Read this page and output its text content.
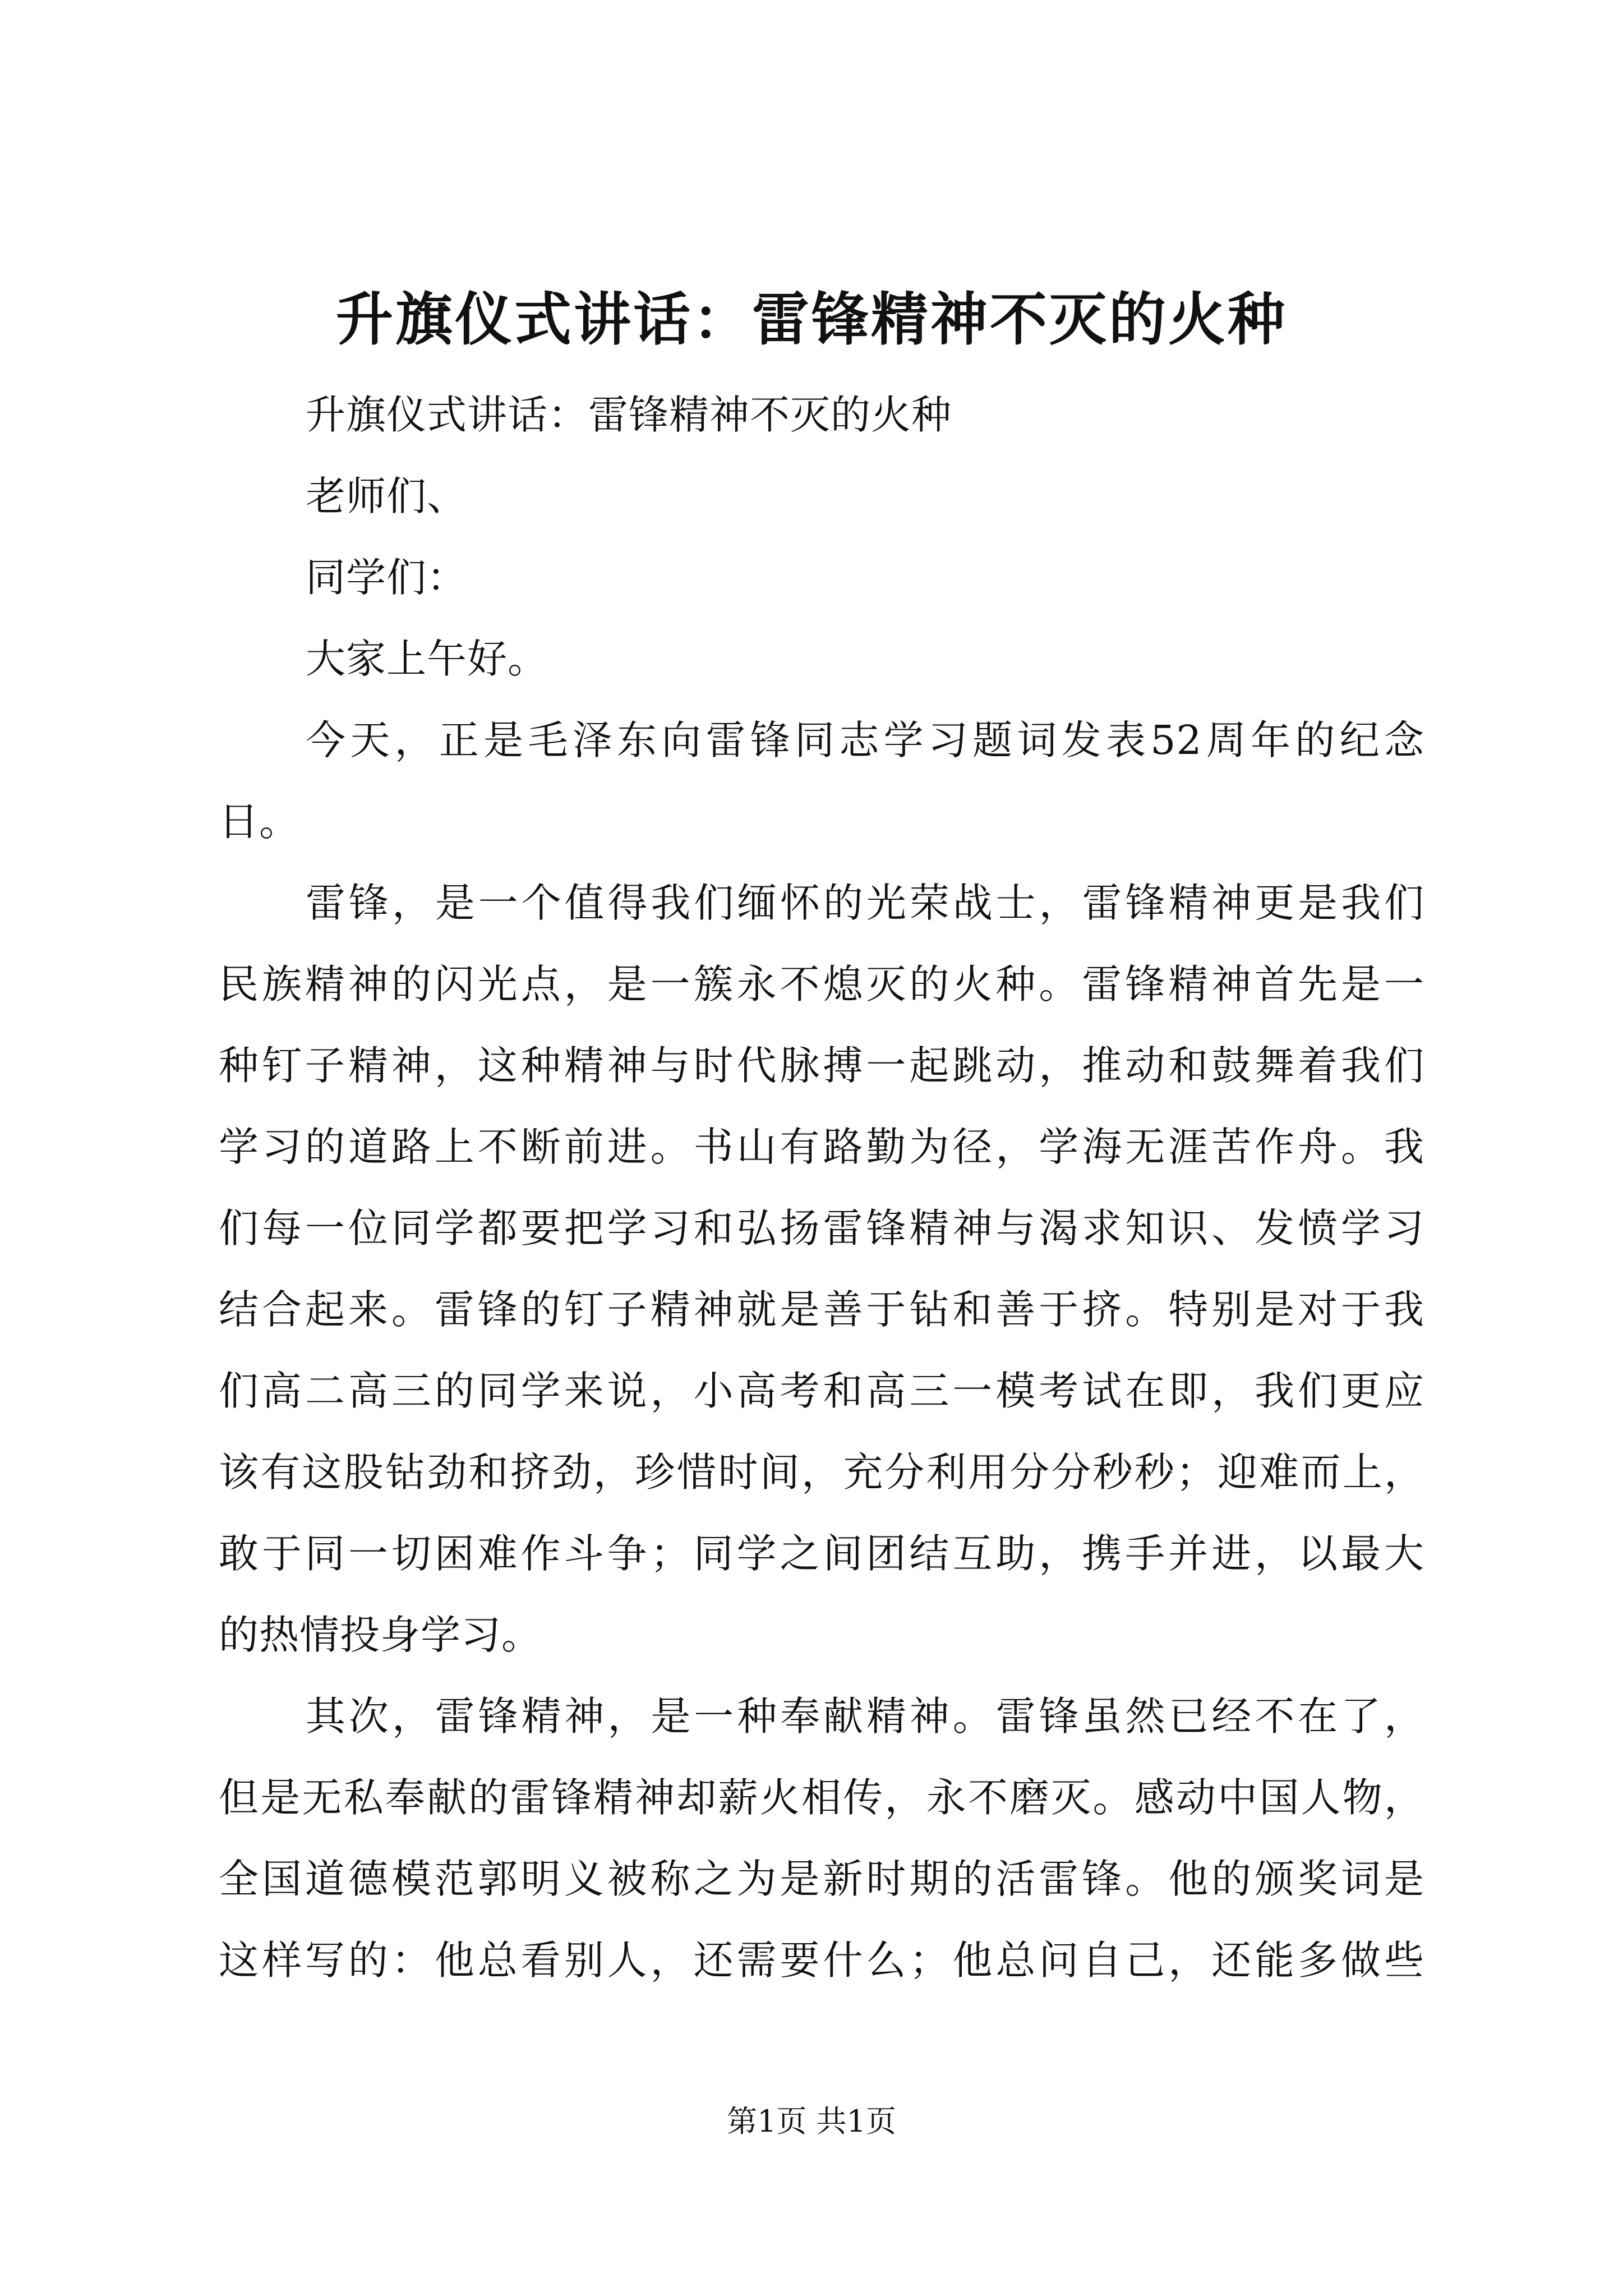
升旗仪式讲话：雷锋精神不灭的火种
升旗仪式讲话：雷锋精神不灭的火种
老师们、
同学们：
大家上午好。
今天，正是毛泽东向雷锋同志学习题词发表52周年的纪念
日。
雷锋，是一个值得我们缅怀的光荣战士，雷锋精神更是我们
民族精神的闪光点，是一簇永不熄灭的火种。雷锋精神首先是一
种钉子精神，这种精神与时代脉搏一起跳动，推动和鼓舞着我们
学习的道路上不断前进。书山有路勤为径，学海无涯苦作舟。我
们每一位同学都要把学习和弘扬雷锋精神与渴求知识、发愤学习
结合起来。雷锋的钉子精神就是善于钻和善于挤。特别是对于我
们高二高三的同学来说，小高考和高三一模考试在即，我们更应
该有这股钻劲和挤劲，珍惜时间，充分利用分分秒秒；迎难而上，
敢于同一切困难作斗争；同学之间团结互助，携手并进，以最大
的热情投身学习。
其次，雷锋精神，是一种奉献精神。雷锋虽然已经不在了，
但是无私奉献的雷锋精神却薪火相传，永不磨灭。感动中国人物，
全国道德模范郭明义被称之为是新时期的活雷锋。他的颁奖词是
这样写的：他总看别人，还需要什么；他总问自己，还能多做些
第1页 共1页
